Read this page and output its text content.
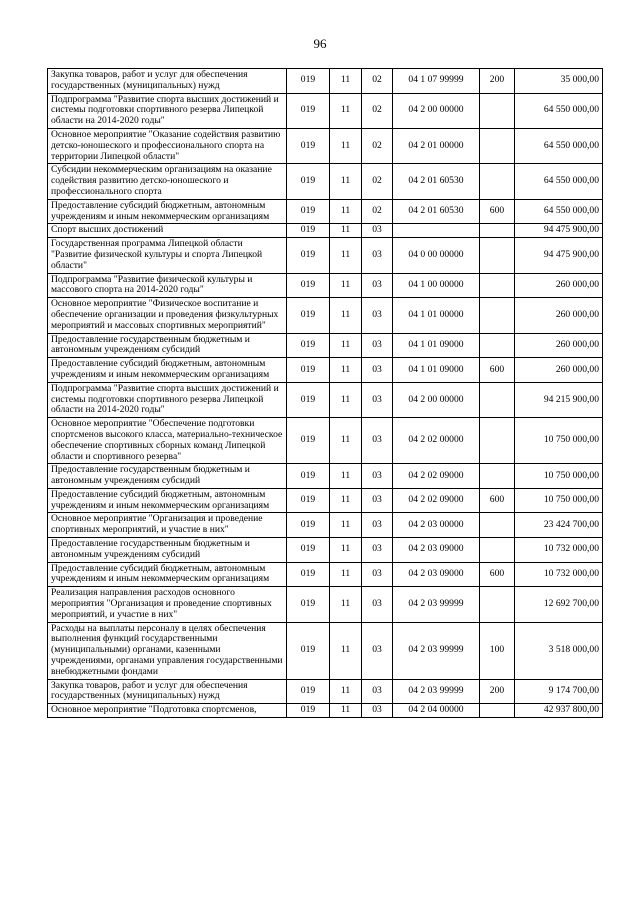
96
Закупка товаров, работ и услуг для обеспечения государственных (муниципальных) нужд	019	11	02	04 1 07 99999	200	35 000,00
Подпрограмма "Развитие спорта высших достижений и системы подготовки спортивного резерва Липецкой области на 2014-2020 годы"	019	11	02	04 2 00 00000		64 550 000,00
Основное мероприятие "Оказание содействия развитию детско-юношеского и профессионального спорта на территории Липецкой области"	019	11	02	04 2 01 00000		64 550 000,00
Субсидии некоммерческим организациям на оказание содействия развитию детско-юношеского и профессионального спорта	019	11	02	04 2 01 60530		64 550 000,00
Предоставление субсидий бюджетным, автономным учреждениям и иным некоммерческим организациям	019	11	02	04 2 01 60530	600	64 550 000,00
Спорт высших достижений	019	11	03			94 475 900,00
Государственная программа Липецкой области "Развитие физической культуры и спорта Липецкой области"	019	11	03	04 0 00 00000		94 475 900,00
Подпрограмма "Развитие физической культуры и массового спорта на 2014-2020 годы"	019	11	03	04 1 00 00000		260 000,00
Основное мероприятие "Физическое воспитание и обеспечение организации и проведения физкультурных мероприятий и массовых спортивных мероприятий"	019	11	03	04 1 01 00000		260 000,00
Предоставление государственным бюджетным и автономным учреждениям субсидий	019	11	03	04 1 01 09000		260 000,00
Предоставление субсидий бюджетным, автономным учреждениям и иным некоммерческим организациям	019	11	03	04 1 01 09000	600	260 000,00
Подпрограмма "Развитие спорта высших достижений и системы подготовки спортивного резерва Липецкой области на 2014-2020 годы"	019	11	03	04 2 00 00000		94 215 900,00
Основное мероприятие "Обеспечение подготовки спортсменов высокого класса, материально-техническое обеспечение спортивных сборных команд Липецкой области и спортивного резерва"	019	11	03	04 2 02 00000		10 750 000,00
Предоставление государственным бюджетным и автономным учреждениям субсидий	019	11	03	04 2 02 09000		10 750 000,00
Предоставление субсидий бюджетным, автономным учреждениям и иным некоммерческим организациям	019	11	03	04 2 02 09000	600	10 750 000,00
Основное мероприятие "Организация и проведение спортивных мероприятий, и участие в них"	019	11	03	04 2 03 00000		23 424 700,00
Предоставление государственным бюджетным и автономным учреждениям субсидий	019	11	03	04 2 03 09000		10 732 000,00
Предоставление субсидий бюджетным, автономным учреждениям и иным некоммерческим организациям	019	11	03	04 2 03 09000	600	10 732 000,00
Реализация направления расходов основного мероприятия "Организация и проведение спортивных мероприятий, и участие в них"	019	11	03	04 2 03 99999		12 692 700,00
Расходы на выплаты персоналу в целях обеспечения выполнения функций государственными (муниципальными) органами, казенными учреждениями, органами управления государственными внебюджетными фондами	019	11	03	04 2 03 99999	100	3 518 000,00
Закупка товаров, работ и услуг для обеспечения государственных (муниципальных) нужд	019	11	03	04 2 03 99999	200	9 174 700,00
Основное мероприятие "Подготовка спортсменов,	019	11	03	04 2 04 00000		42 937 800,00
